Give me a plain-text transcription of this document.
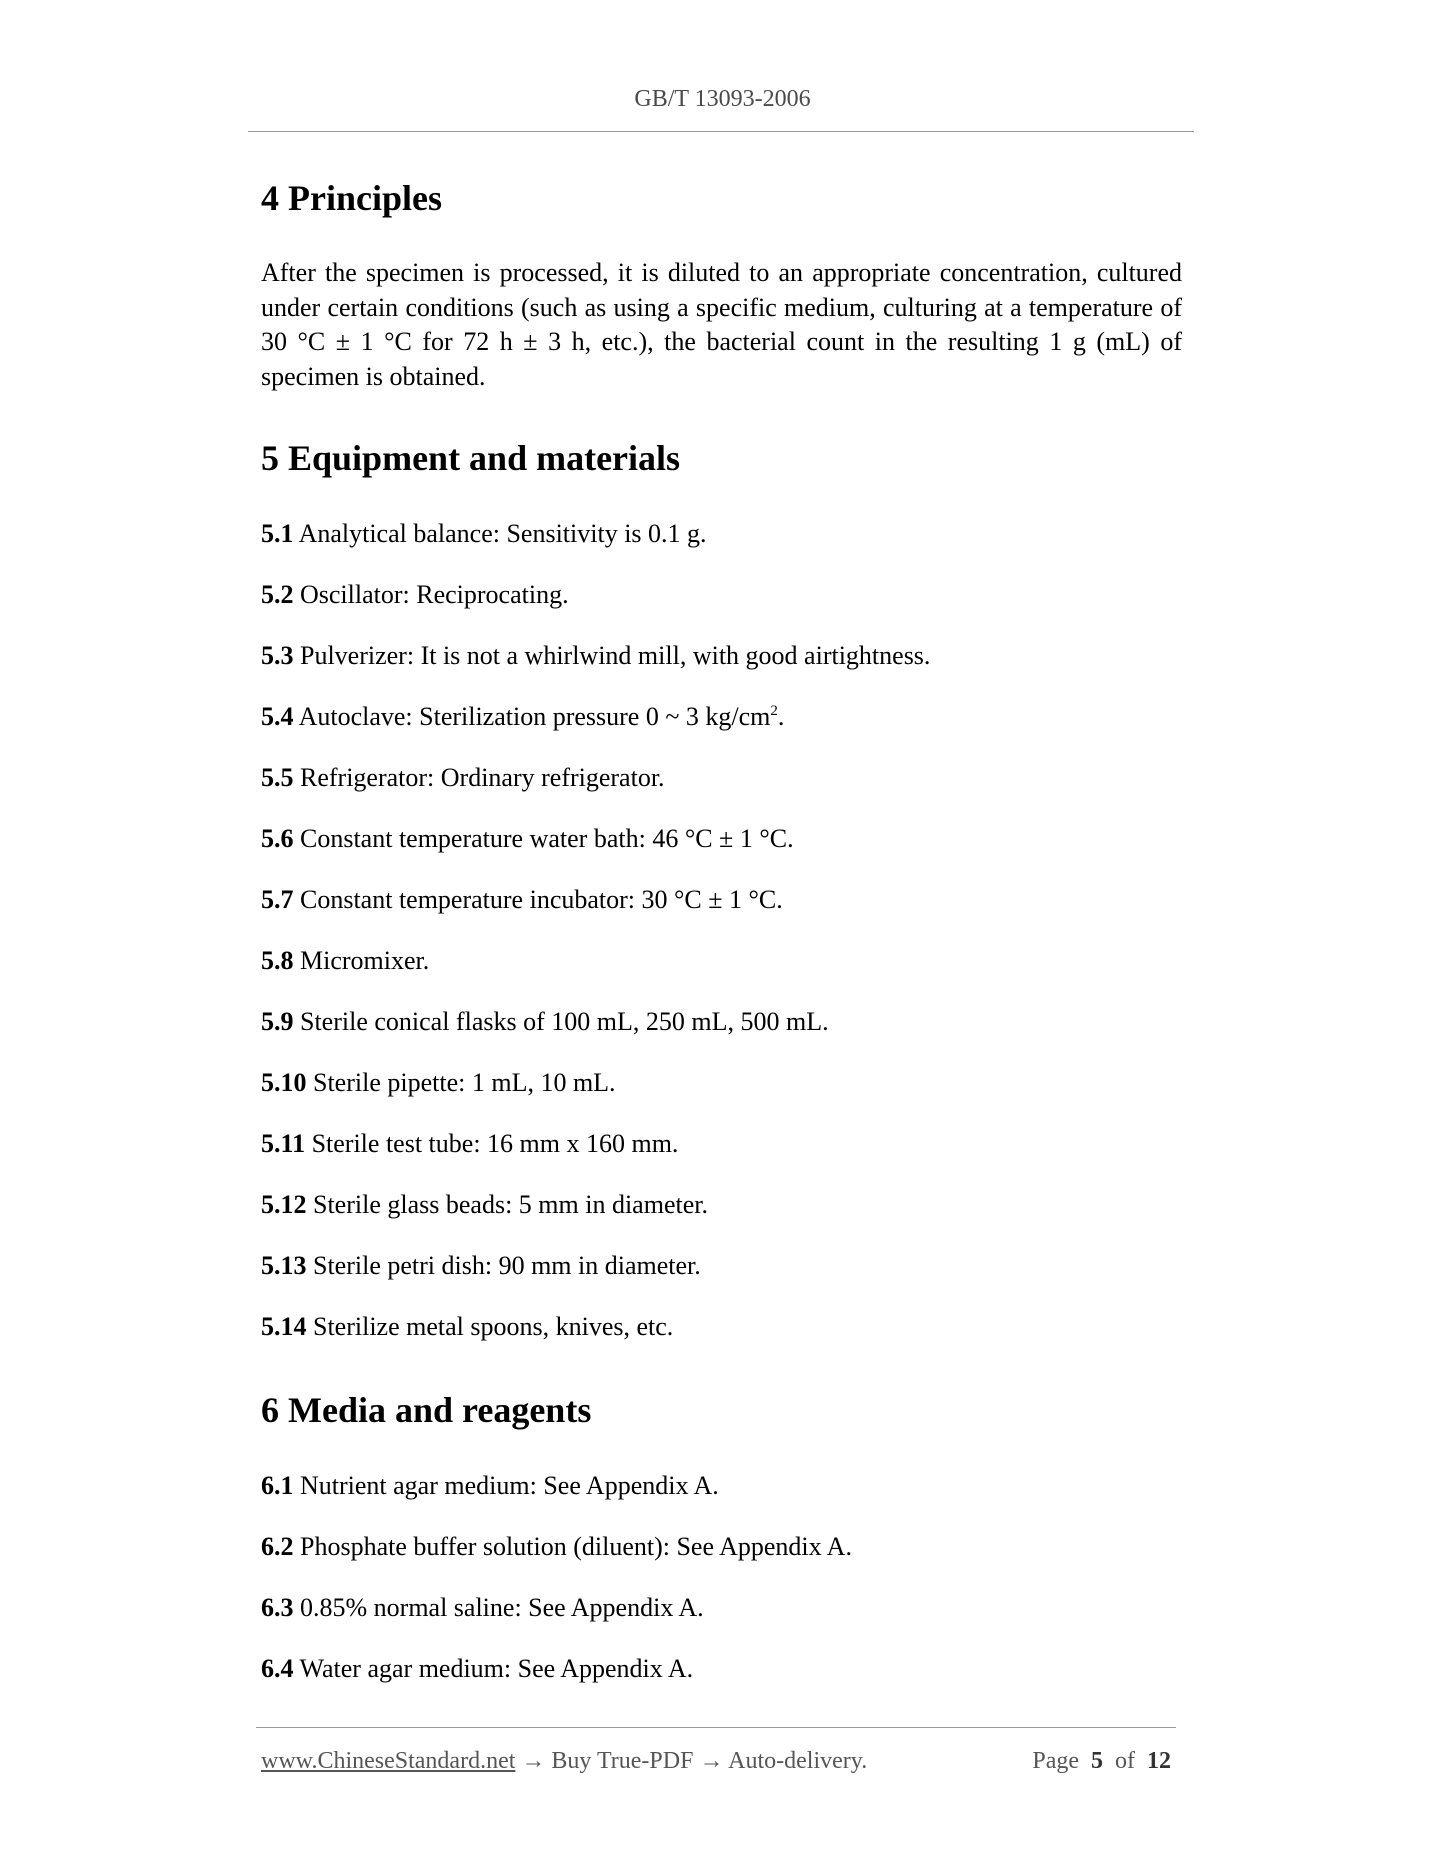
GB/T 13093-2006
4 Principles

After the specimen is processed, it is diluted to an appropriate concentration, cultured under certain conditions (such as using a specific medium, culturing at a temperature of 30 °C ± 1 °C for 72 h ± 3 h, etc.), the bacterial count in the resulting 1 g (mL) of specimen is obtained.

5 Equipment and materials

5.1 Analytical balance: Sensitivity is 0.1 g.

5.2 Oscillator: Reciprocating.

5.3 Pulverizer: It is not a whirlwind mill, with good airtightness.

5.4 Autoclave: Sterilization pressure 0 ~ 3 $kg/cm^2$.

5.5 Refrigerator: Ordinary refrigerator.

5.6 Constant temperature water bath: 46 °C ± 1 °C.

5.7 Constant temperature incubator: 30 °C ± 1 °C.

5.8 Micromixer.

5.9 Sterile conical flasks of 100 mL, 250 mL, 500 mL.

5.10 Sterile pipette: 1 mL, 10 mL.

5.11 Sterile test tube: 16 mm x 160 mm.

5.12 Sterile glass beads: 5 mm in diameter.

5.13 Sterile petri dish: 90 mm in diameter.

5.14 Sterilize metal spoons, knives, etc.

6 Media and reagents

6.1 Nutrient agar medium: See Appendix A.

6.2 Phosphate buffer solution (diluent): See Appendix A.

6.3 0.85% normal saline: See Appendix A.

6.4 Water agar medium: See Appendix A.

www.ChineseStandard.net → Buy True-PDF → Auto-delivery.	Page 5 of 12
